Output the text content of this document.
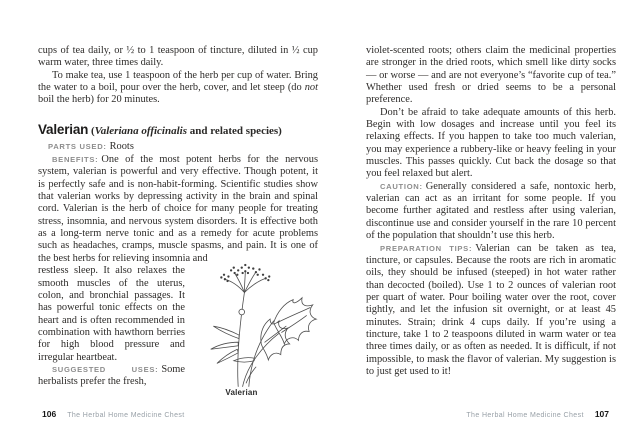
cups of tea daily, or ½ to 1 teaspoon of tincture, diluted in ½ cup warm water, three times daily.

To make tea, use 1 teaspoon of the herb per cup of water. Bring the water to a boil, pour over the herb, cover, and let steep (do not boil the herb) for 20 minutes.

Valerian (Valeriana officinalis and related species)

PARTS USED: Roots

BENEFITS: One of the most potent herbs for the nervous system, valerian is powerful and very effective. Though potent, it is perfectly safe and is non-habit-forming. Scientific studies show that valerian works by depressing activity in the brain and spinal cord. Valerian is the herb of choice for many people for treating stress, insomnia, and nervous system disorders. It is effective both as a long-term nerve tonic and as a remedy for acute problems such as headaches, cramps, muscle spasms, and pain. It is one of the best herbs for relieving insomnia and

restless sleep. It also relaxes the smooth muscles of the uterus, colon, and bronchial passages. It has powerful tonic effects on the heart and is often recommended in combination with hawthorn berries for high blood pressure and irregular heartbeat.

SUGGESTED USES: Some herbalists prefer the fresh,

Valerian

violet-scented roots; others claim the medicinal properties are stronger in the dried roots, which smell like dirty socks — or worse — and are not everyone’s “favorite cup of tea.” Whether used fresh or dried seems to be a personal preference.

Don’t be afraid to take adequate amounts of this herb. Begin with low dosages and increase until you feel its relaxing effects. If you happen to take too much valerian, you may experience a rubbery-like or heavy feeling in your muscles. This passes quickly. Cut back the dosage so that you feel relaxed but alert.

CAUTION: Generally considered a safe, nontoxic herb, valerian can act as an irritant for some people. If you become further agitated and restless after using valerian, discontinue use and consider yourself in the rare 10 percent of the population that shouldn’t use this herb.

PREPARATION TIPS: Valerian can be taken as tea, tincture, or capsules. Because the roots are rich in aromatic oils, they should be infused (steeped) in hot water rather than decocted (boiled). Use 1 to 2 ounces of valerian root per quart of water. Pour boiling water over the root, cover tightly, and let the infusion sit overnight, or at least 45 minutes. Strain; drink 4 cups daily. If you’re using a tincture, take 1 to 2 teaspoons diluted in warm water or tea three times daily, or as often as needed. It is difficult, if not impossible, to mask the flavor of valerian. My suggestion is to just get used to it!

106 The Herbal Home Medicine Chest	The Herbal Home Medicine Chest 107
